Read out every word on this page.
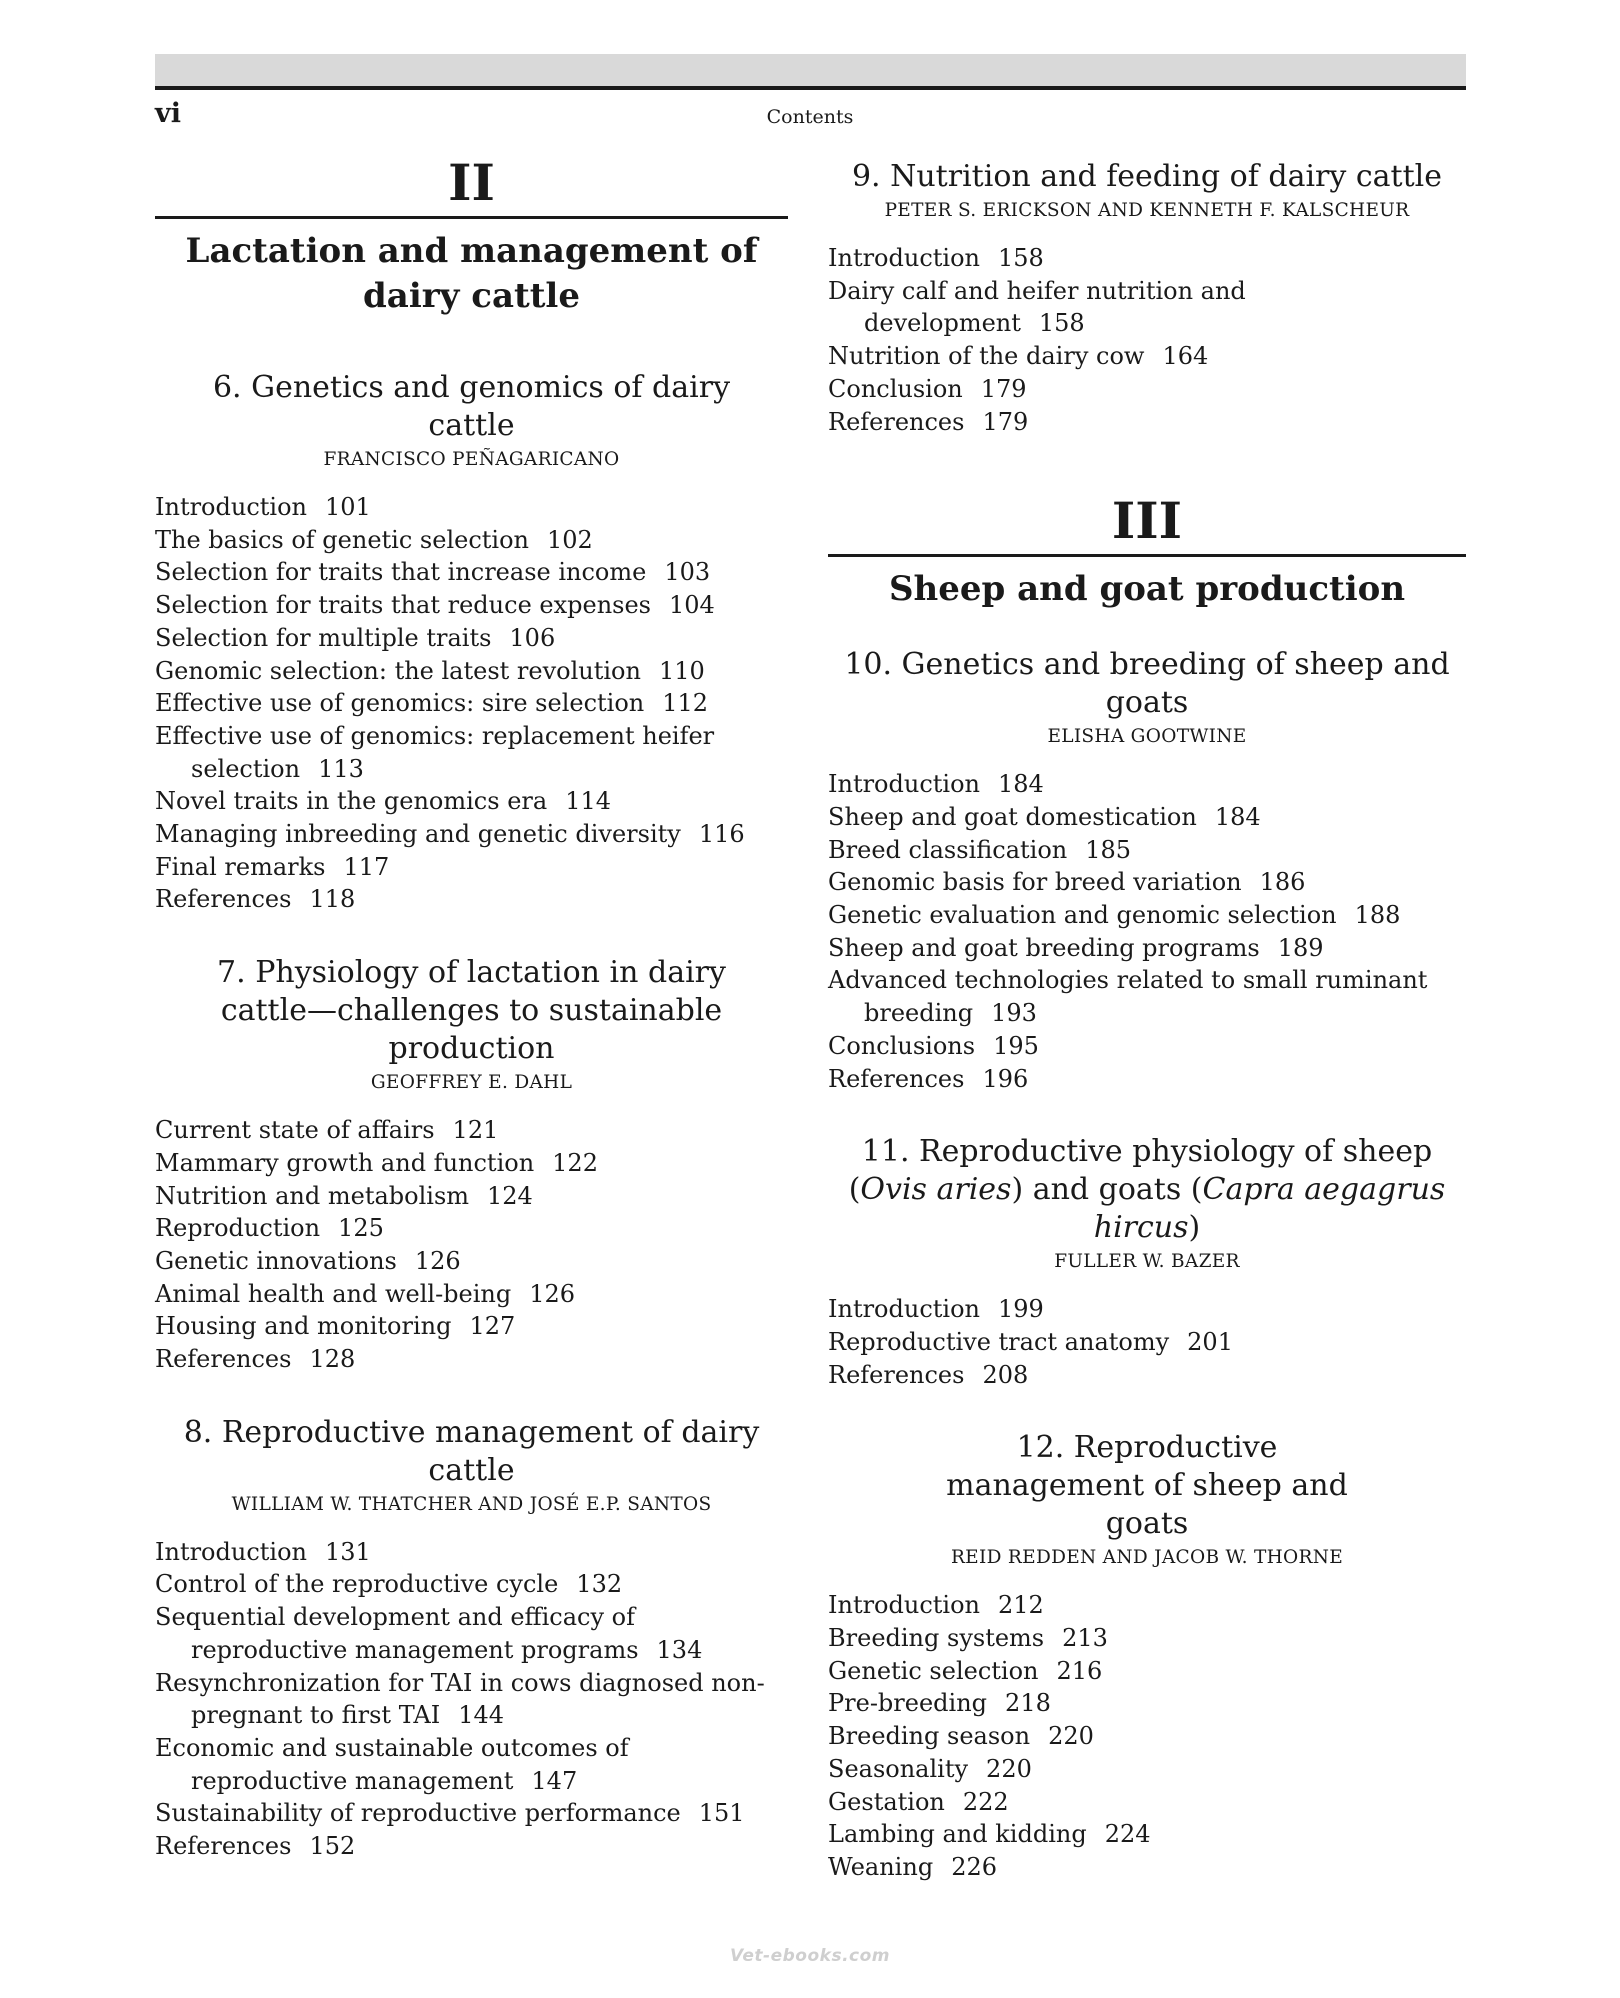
vi	Contents
II
Lactation and management of
dairy cattle
6. Genetics and genomics of dairy cattle
FRANCISCO PEÑAGARICANO
Introduction 101
The basics of genetic selection 102
Selection for traits that increase income 103
Selection for traits that reduce expenses 104
Selection for multiple traits 106
Genomic selection: the latest revolution 110
Effective use of genomics: sire selection 112
Effective use of genomics: replacement heifer selection 113
Novel traits in the genomics era 114
Managing inbreeding and genetic diversity 116
Final remarks 117
References 118
7. Physiology of lactation in dairy cattle—challenges to sustainable production
GEOFFREY E. DAHL
Current state of affairs 121
Mammary growth and function 122
Nutrition and metabolism 124
Reproduction 125
Genetic innovations 126
Animal health and well-being 126
Housing and monitoring 127
References 128
8. Reproductive management of dairy cattle
WILLIAM W. THATCHER AND JOSÉ E.P. SANTOS
Introduction 131
Control of the reproductive cycle 132
Sequential development and efficacy of reproductive management programs 134
Resynchronization for TAI in cows diagnosed non-pregnant to first TAI 144
Economic and sustainable outcomes of reproductive management 147
Sustainability of reproductive performance 151
References 152
9. Nutrition and feeding of dairy cattle
PETER S. ERICKSON AND KENNETH F. KALSCHEUR
Introduction 158
Dairy calf and heifer nutrition and development 158
Nutrition of the dairy cow 164
Conclusion 179
References 179
III
Sheep and goat production
10. Genetics and breeding of sheep and goats
ELISHA GOOTWINE
Introduction 184
Sheep and goat domestication 184
Breed classification 185
Genomic basis for breed variation 186
Genetic evaluation and genomic selection 188
Sheep and goat breeding programs 189
Advanced technologies related to small ruminant breeding 193
Conclusions 195
References 196
11. Reproductive physiology of sheep (Ovis aries) and goats (Capra aegagrus hircus)
FULLER W. BAZER
Introduction 199
Reproductive tract anatomy 201
References 208
12. Reproductive management of sheep and goats
REID REDDEN AND JACOB W. THORNE
Introduction 212
Breeding systems 213
Genetic selection 216
Pre-breeding 218
Breeding season 220
Seasonality 220
Gestation 222
Lambing and kidding 224
Weaning 226
Vet-ebooks.com
